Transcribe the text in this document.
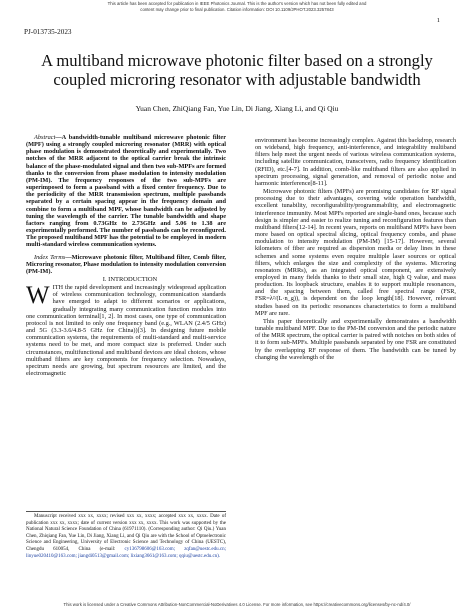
This article has been accepted for publication in IEEE Photonics Journal. This is the author's version which has not been fully edited and
content may change prior to final publication. Citation information: DOI 10.1109/JPHOT.2023.3257843
1
PJ-013735-2023
A multiband microwave photonic filter based on a strongly coupled microring resonator with adjustable bandwidth
Yuan Chen, ZhiQiang Fan, Yue Lin, Di Jiang, Xiang Li, and Qi Qiu

Abstract—A bandwidth-tunable multiband microwave photonic filter (MPF) using a strongly coupled microring resonator (MRR) with optical phase modulation is demonstrated theoretically and experimentally. Two notches of the MRR adjacent to the optical carrier break the intrinsic balance of the phase-modulated signal and then two sub-MPFs are formed thanks to the conversion from phase modulation to intensity modulation (PM-IM). The frequency responses of the two sub-MPFs are superimposed to form a passband with a fixed center frequency. Due to the periodicity of the MRR transmission spectrum, multiple passbands separated by a certain spacing appear in the frequency domain and combine to form a multiband MPF, whose bandwidth can be adjusted by tuning the wavelength of the carrier. The tunable bandwidth and shape factors ranging from 0.73GHz to 2.73GHz and 5.06 to 1.38 are experimentally performed. The number of passbands can be reconfigured. The proposed multiband MPF has the potential to be employed in modern multi-standard wireless communication systems.

Index Terms—Microwave photonic filter, Multiband filter, Comb filter, Microring resonator, Phase modulation to intensity modulation conversion (PM-IM).

I. INTRODUCTION

WITH the rapid development and increasingly widespread application of wireless communication technology, communication standards have emerged to adapt to different scenarios or applications, gradually integrating many communication function modules into one communication terminal[1, 2]. In most cases, one type of communication protocol is not limited to only one frequency band (e.g., WLAN (2.4/5 GHz) and 5G (3.3-3.6/4.8-5 GHz for China))[3]. In designing future mobile communication systems, the requirements of multi-standard and multi-service systems need to be met, and more compact size is preferred. Under such circumstances, multifunctional and multiband devices are ideal choices, whose multiband filters are key components for frequency selection. Nowadays, spectrum needs are growing, but spectrum resources are limited, and the electromagnetic

environment has become increasingly complex. Against this backdrop, research on wideband, high frequency, anti-interference, and integrability multiband filters help meet the urgent needs of various wireless communication systems, including satellite communication, transceivers, radio frequency identification (RFID), etc.[4-7]. In addition, comb-like multiband filters are also applied in spectrum processing, signal generation, and removal of periodic noise and harmonic interference[8-11].

Microwave photonic filters (MPFs) are promising candidates for RF signal processing due to their advantages, covering wide operation bandwidth, excellent tunability, reconfigurability/programmability, and electromagnetic interference immunity. Most MPFs reported are single-band ones, because such design is simpler and easier to realize tuning and reconfiguration features than multiband filters[12-14]. In recent years, reports on multiband MPFs have been more based on optical spectral slicing, optical frequency combs, and phase modulation to intensity modulation (PM-IM) [15-17]. However, several kilometers of fiber are required as dispersion media or delay lines in these schemes and some systems even require multiple laser sources or optical filters, which enlarges the size and complexity of the systems. Microring resonators (MRRs), as an integrated optical component, are extensively employed in many fields thanks to their small size, high Q value, and mass production. Its loopback structure, enables it to support multiple resonances, and the spacing between them, called free spectral range (FSR, FSR=λ²/(L·n_g)), is dependent on the loop length[18]. However, relevant studies based on its periodic resonances characteristics to form a multiband MPF are rare.

This paper theoretically and experimentally demonstrates a bandwidth tunable multiband MPF. Due to the PM-IM conversion and the periodic nature of the MRR spectrum, the optical carrier is paired with notches on both sides of it to form sub-MPFs. Multiple passbands separated by one FSR are constituted by the overlapping RF response of them. The bandwidth can be tuned by changing the wavelength of the

Manuscript received xxx xx, xxxx; revised xxx xx, xxxx; accepted xxx xx, xxxx. Date of publication xxx xx, xxxx; date of current version xxx xx, xxxx. This work was supported by the National Natural Science Foundation of China (61971110). (Corresponding author: Qi Qiu.) Yuan Chen, Zhiqiang Fan, Yue Lin, Di Jiang, Xiang Li, and Qi Qiu are with the School of Optoelectronic Science and Engineering, University of Electronic Science and Technology of China (UESTC), Chengdu 610054, China (e-mail: cy136798606@163.com; zqfan@uestc.edu.cn; linyue020410@163.com; jiangdi0513@gmail.com; lixiang3661@163.com; qqiu@uestc.edu.cn).

This work is licensed under a Creative Commons Attribution-NonCommercial-NoDerivatives 4.0 License. For more information, see https://creativecommons.org/licenses/by-nc-nd/4.0/
